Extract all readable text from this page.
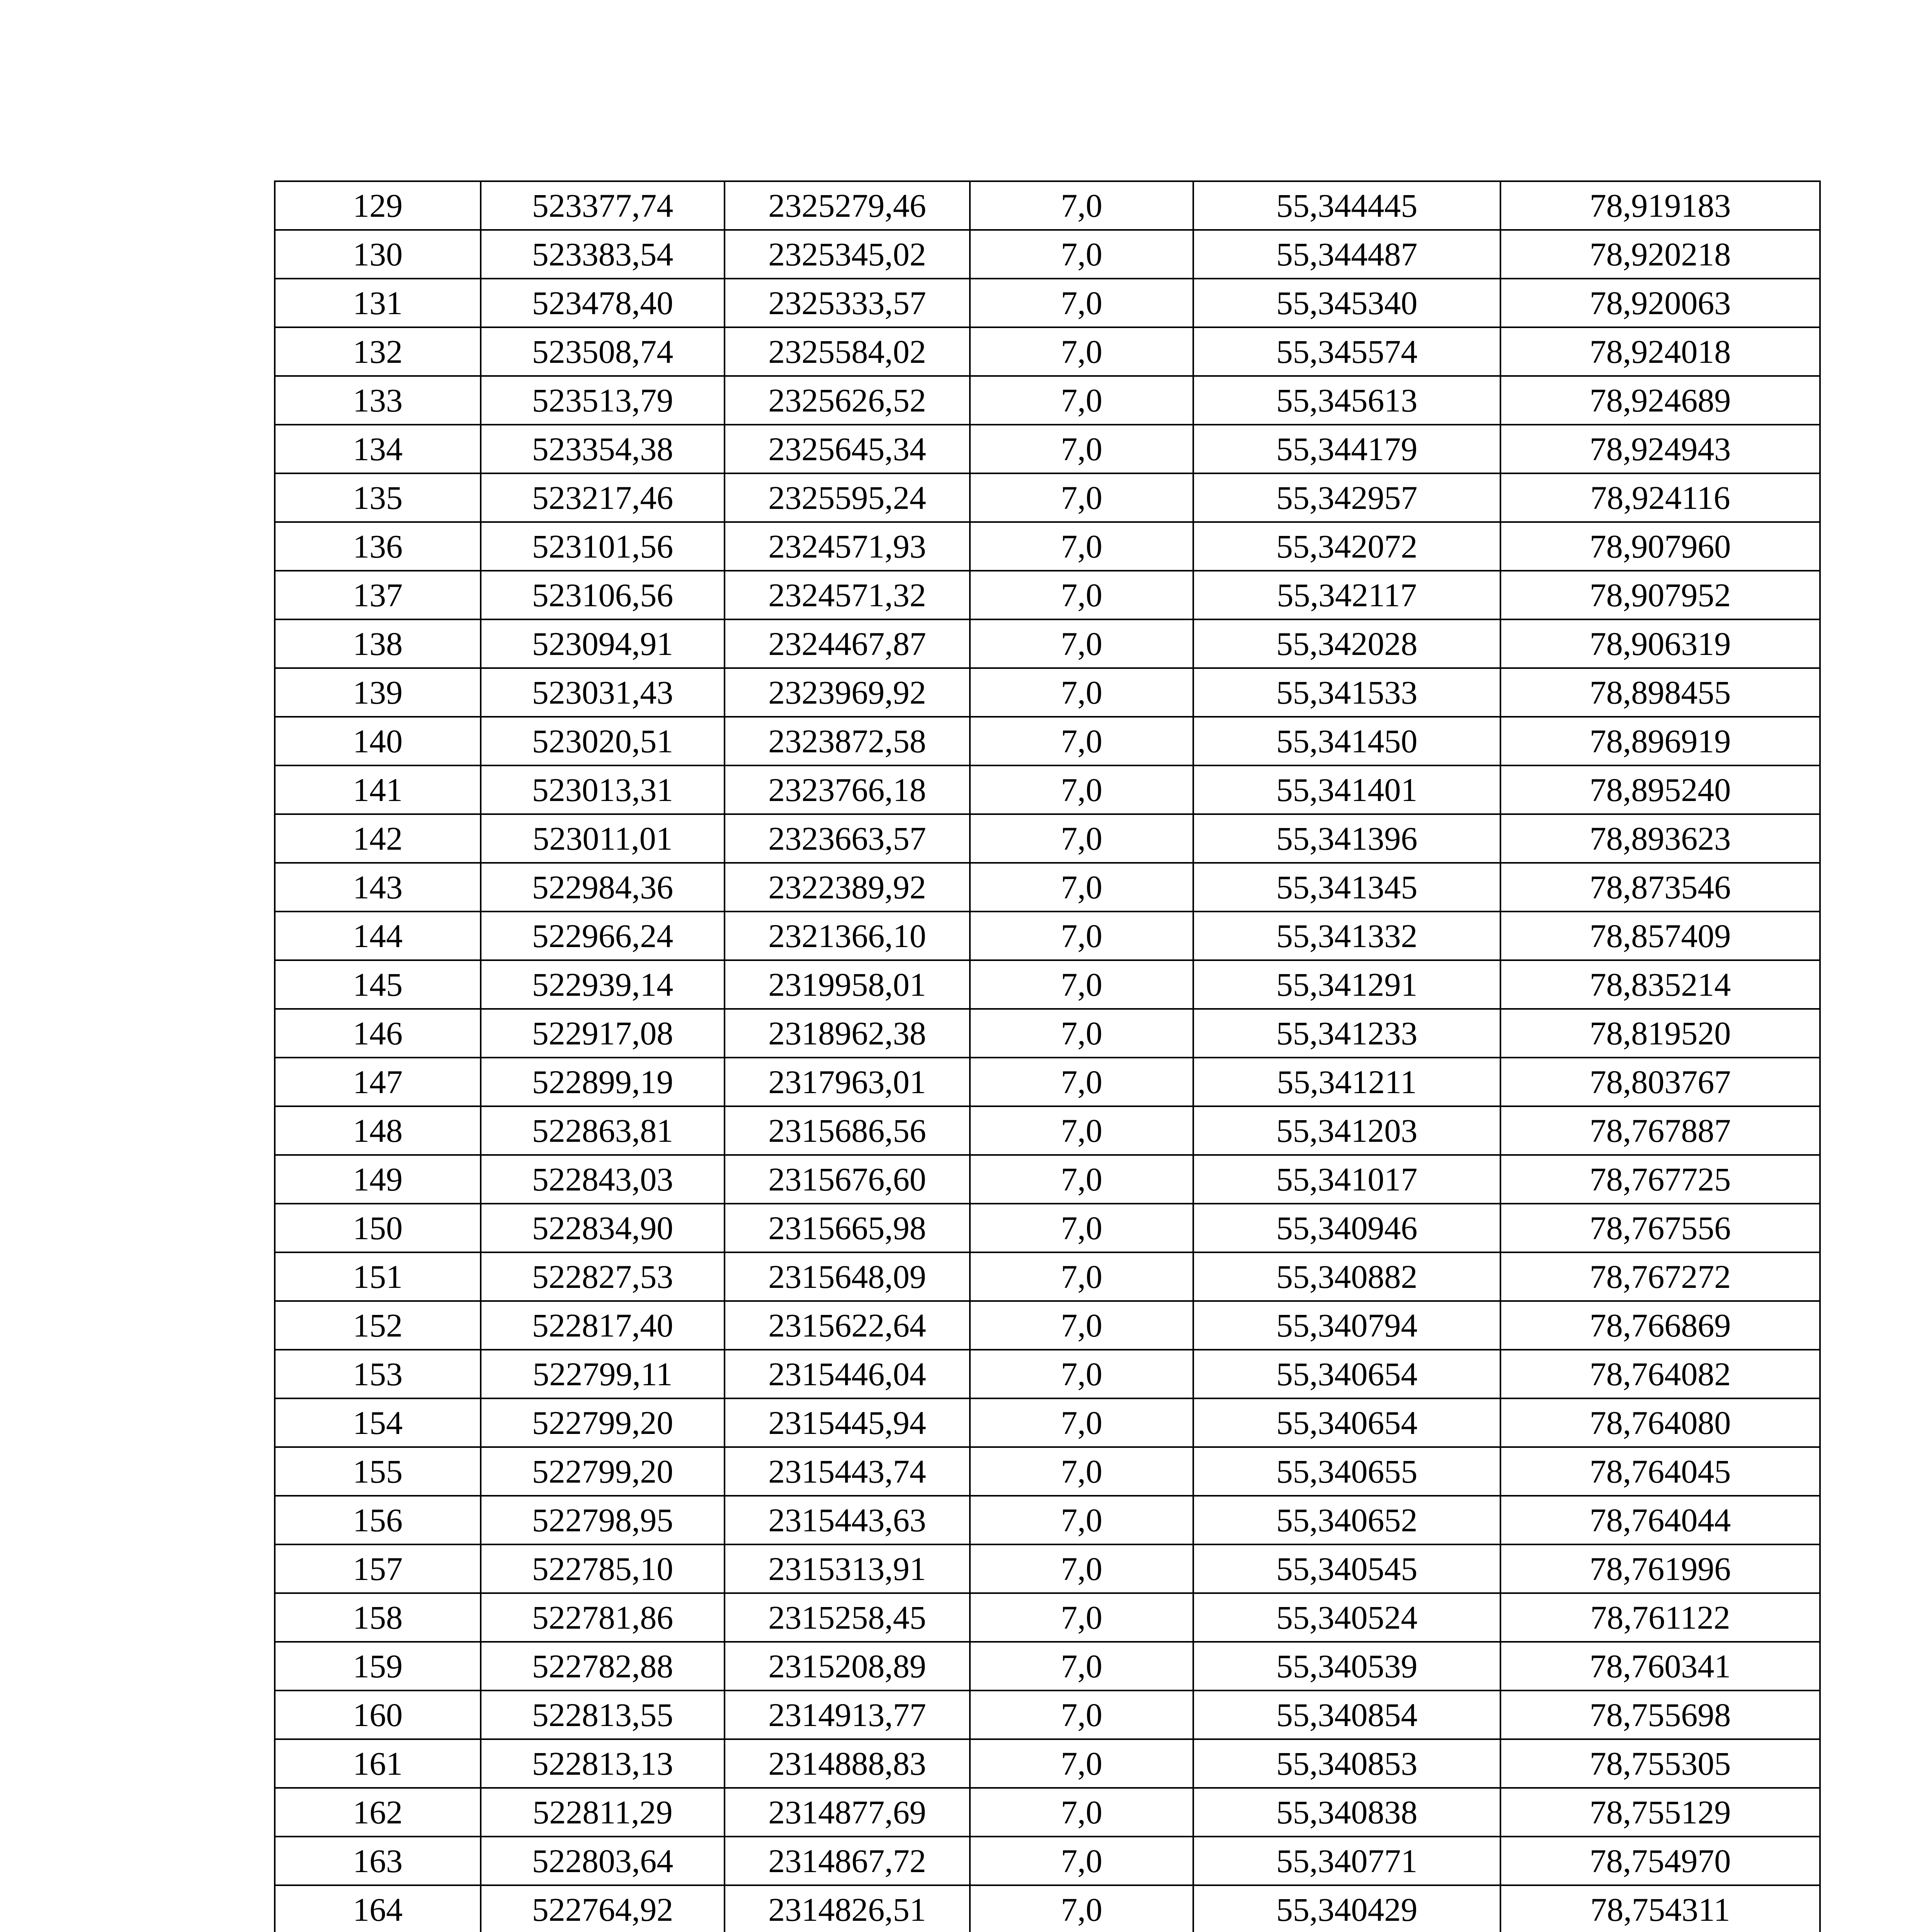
129	523377,74	2325279,46	7,0	55,344445	78,919183
130	523383,54	2325345,02	7,0	55,344487	78,920218
131	523478,40	2325333,57	7,0	55,345340	78,920063
132	523508,74	2325584,02	7,0	55,345574	78,924018
133	523513,79	2325626,52	7,0	55,345613	78,924689
134	523354,38	2325645,34	7,0	55,344179	78,924943
135	523217,46	2325595,24	7,0	55,342957	78,924116
136	523101,56	2324571,93	7,0	55,342072	78,907960
137	523106,56	2324571,32	7,0	55,342117	78,907952
138	523094,91	2324467,87	7,0	55,342028	78,906319
139	523031,43	2323969,92	7,0	55,341533	78,898455
140	523020,51	2323872,58	7,0	55,341450	78,896919
141	523013,31	2323766,18	7,0	55,341401	78,895240
142	523011,01	2323663,57	7,0	55,341396	78,893623
143	522984,36	2322389,92	7,0	55,341345	78,873546
144	522966,24	2321366,10	7,0	55,341332	78,857409
145	522939,14	2319958,01	7,0	55,341291	78,835214
146	522917,08	2318962,38	7,0	55,341233	78,819520
147	522899,19	2317963,01	7,0	55,341211	78,803767
148	522863,81	2315686,56	7,0	55,341203	78,767887
149	522843,03	2315676,60	7,0	55,341017	78,767725
150	522834,90	2315665,98	7,0	55,340946	78,767556
151	522827,53	2315648,09	7,0	55,340882	78,767272
152	522817,40	2315622,64	7,0	55,340794	78,766869
153	522799,11	2315446,04	7,0	55,340654	78,764082
154	522799,20	2315445,94	7,0	55,340654	78,764080
155	522799,20	2315443,74	7,0	55,340655	78,764045
156	522798,95	2315443,63	7,0	55,340652	78,764044
157	522785,10	2315313,91	7,0	55,340545	78,761996
158	522781,86	2315258,45	7,0	55,340524	78,761122
159	522782,88	2315208,89	7,0	55,340539	78,760341
160	522813,55	2314913,77	7,0	55,340854	78,755698
161	522813,13	2314888,83	7,0	55,340853	78,755305
162	522811,29	2314877,69	7,0	55,340838	78,755129
163	522803,64	2314867,72	7,0	55,340771	78,754970
164	522764,92	2314826,51	7,0	55,340429	78,754311
